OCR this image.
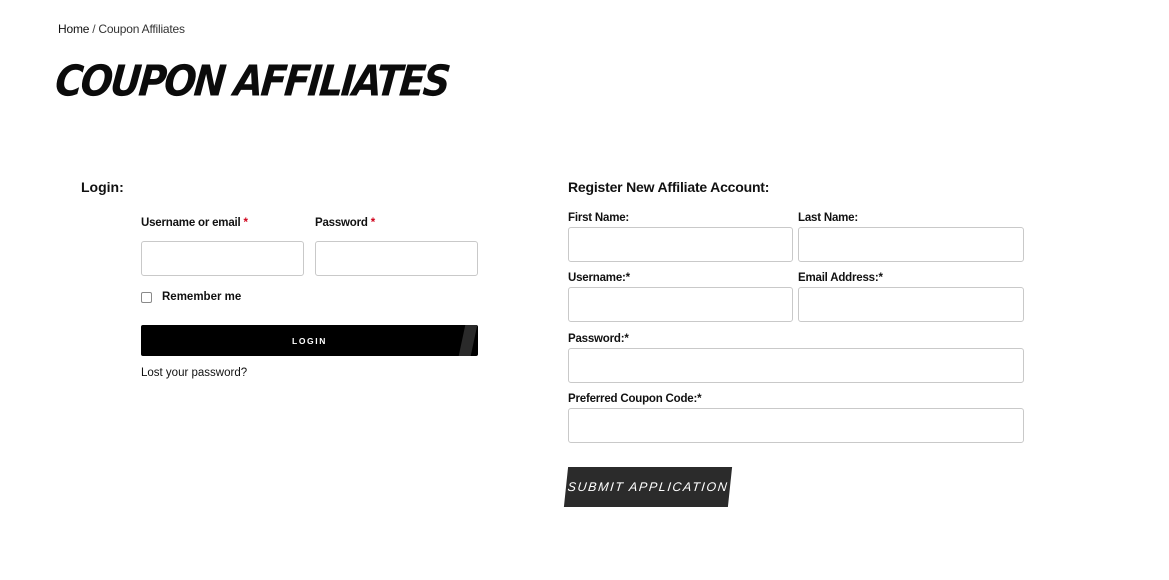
Home / Coupon Affiliates
COUPON AFFILIATES
Login:
Username or email *	Password *
Remember me
LOGIN
Lost your password?
Register New Affiliate Account:
First Name:	Last Name:
Username:*	Email Address:*
Password:*
Preferred Coupon Code:*
SUBMIT APPLICATION
